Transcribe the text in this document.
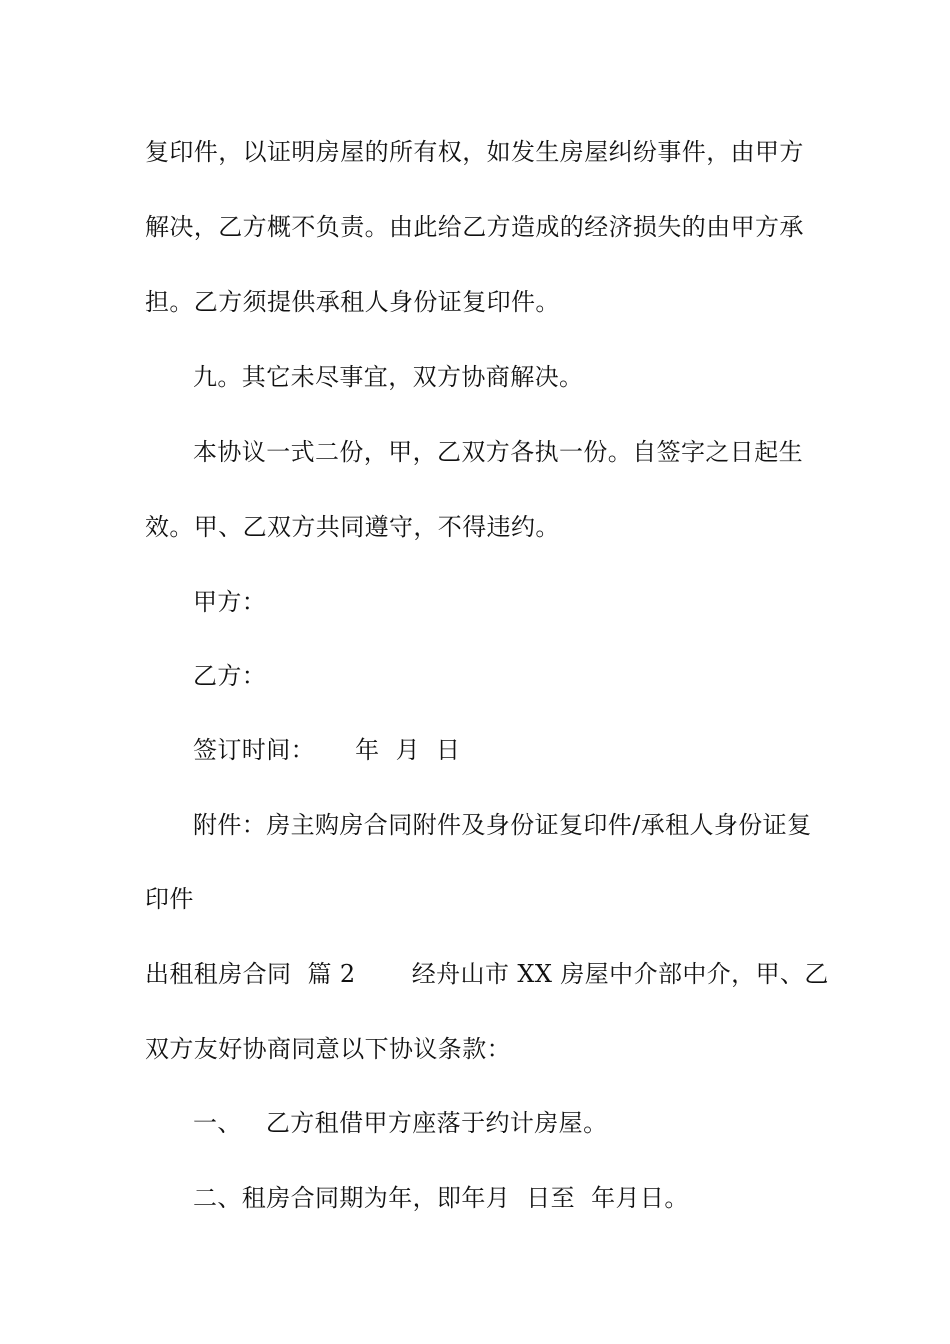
复印件，以证明房屋的所有权，如发生房屋纠纷事件，由甲方
解决，乙方概不负责。由此给乙方造成的经济损失的由甲方承
担。乙方须提供承租人身份证复印件。
九。其它未尽事宜，双方协商解决。
本协议一式二份，甲，乙双方各执一份。自签字之日起生
效。甲、乙双方共同遵守，不得违约。
甲方：
乙方：
签订时间：     年  月  日
附件：房主购房合同附件及身份证复印件/承租人身份证复
印件
出租租房合同  篇 2       经舟山市 XX 房屋中介部中介，甲、乙
双方友好协商同意以下协议条款：
一、   乙方租借甲方座落于约计房屋。
二、租房合同期为年，即年月  日至  年月日。
